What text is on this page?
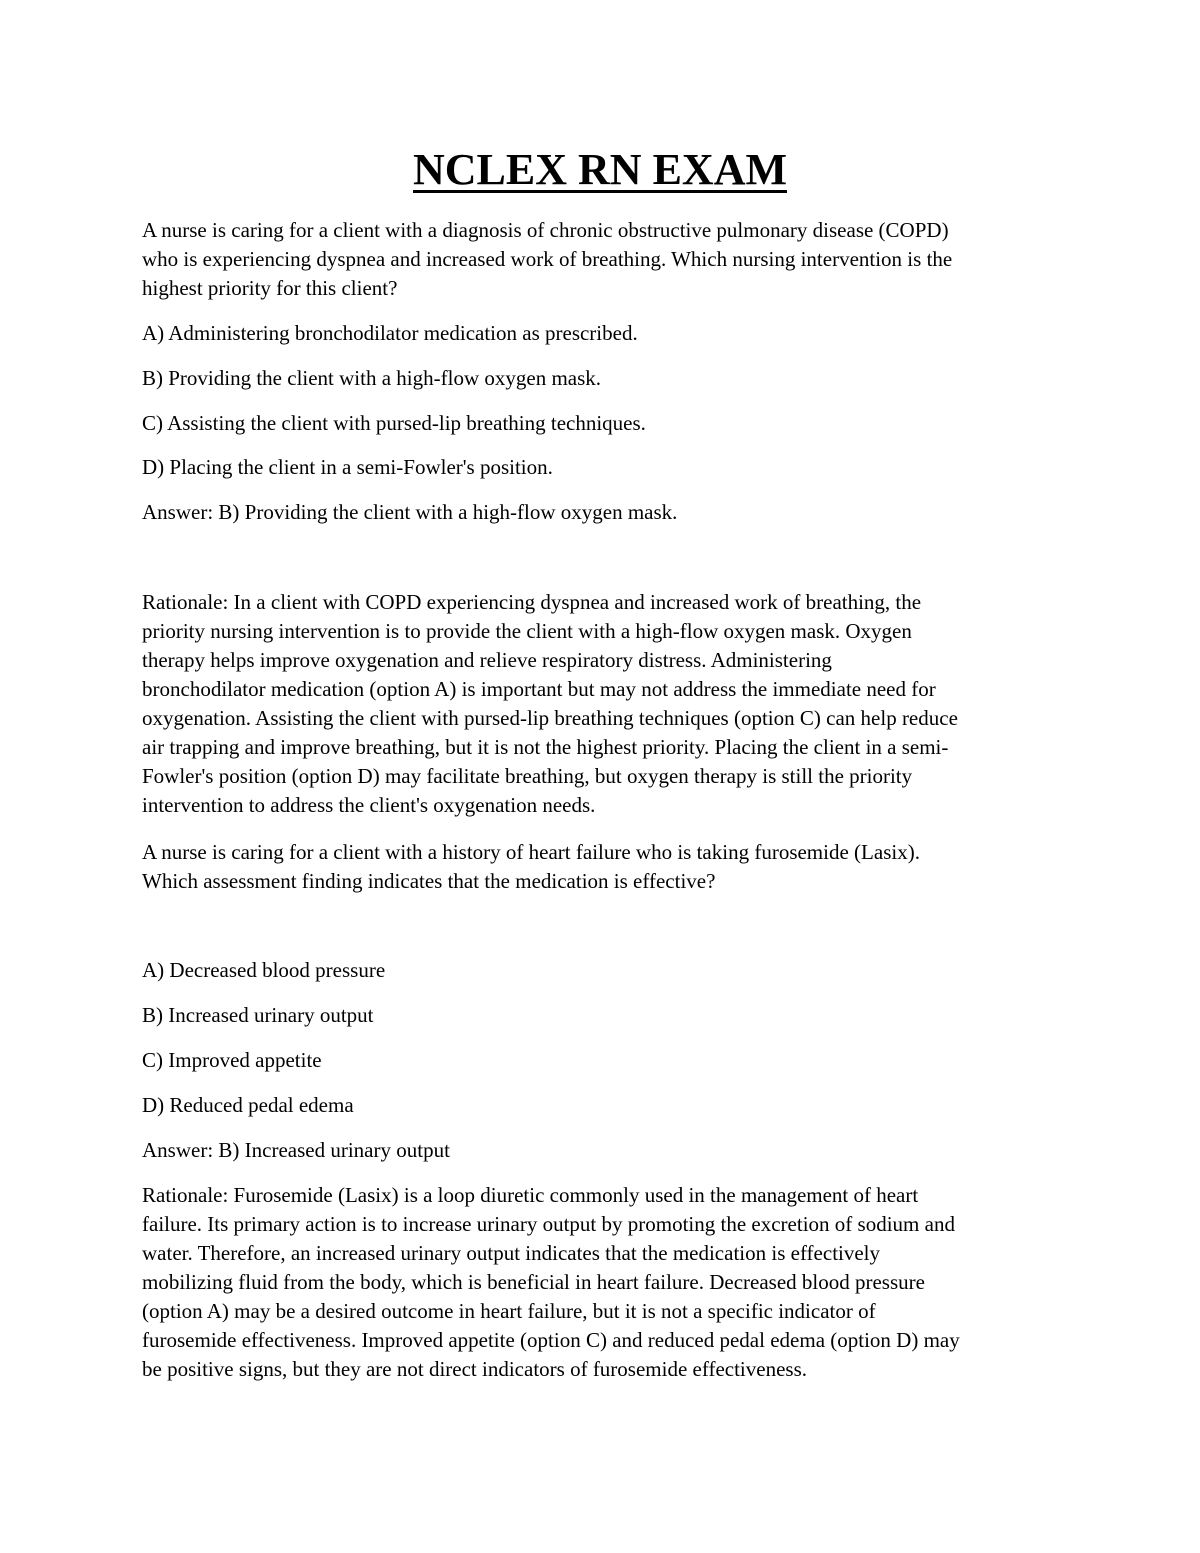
NCLEX RN EXAM

A nurse is caring for a client with a diagnosis of chronic obstructive pulmonary disease (COPD)
who is experiencing dyspnea and increased work of breathing. Which nursing intervention is the
highest priority for this client?

A) Administering bronchodilator medication as prescribed.

B) Providing the client with a high-flow oxygen mask.

C) Assisting the client with pursed-lip breathing techniques.

D) Placing the client in a semi-Fowler's position.

Answer: B) Providing the client with a high-flow oxygen mask.

Rationale: In a client with COPD experiencing dyspnea and increased work of breathing, the
priority nursing intervention is to provide the client with a high-flow oxygen mask. Oxygen
therapy helps improve oxygenation and relieve respiratory distress. Administering
bronchodilator medication (option A) is important but may not address the immediate need for
oxygenation. Assisting the client with pursed-lip breathing techniques (option C) can help reduce
air trapping and improve breathing, but it is not the highest priority. Placing the client in a semi-
Fowler's position (option D) may facilitate breathing, but oxygen therapy is still the priority
intervention to address the client's oxygenation needs.

A nurse is caring for a client with a history of heart failure who is taking furosemide (Lasix).
Which assessment finding indicates that the medication is effective?

A) Decreased blood pressure

B) Increased urinary output

C) Improved appetite

D) Reduced pedal edema

Answer: B) Increased urinary output

Rationale: Furosemide (Lasix) is a loop diuretic commonly used in the management of heart
failure. Its primary action is to increase urinary output by promoting the excretion of sodium and
water. Therefore, an increased urinary output indicates that the medication is effectively
mobilizing fluid from the body, which is beneficial in heart failure. Decreased blood pressure
(option A) may be a desired outcome in heart failure, but it is not a specific indicator of
furosemide effectiveness. Improved appetite (option C) and reduced pedal edema (option D) may
be positive signs, but they are not direct indicators of furosemide effectiveness.
